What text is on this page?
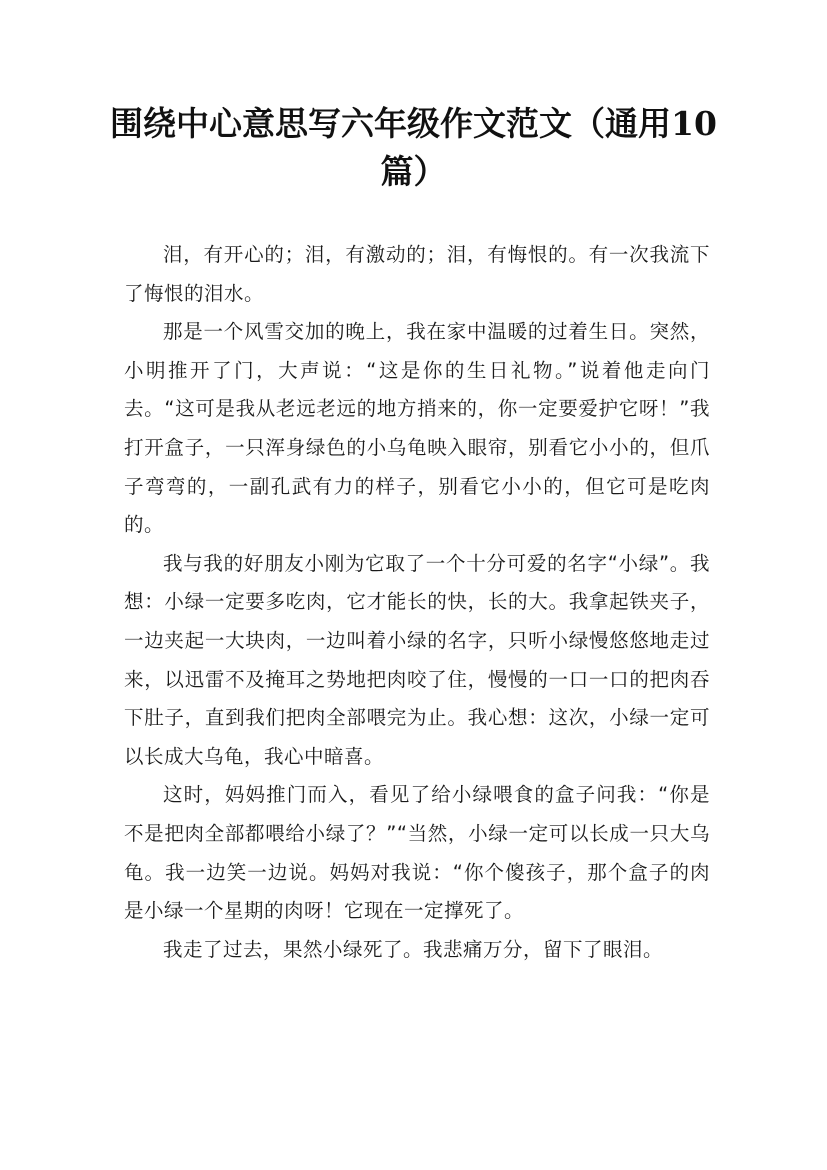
围绕中心意思写六年级作文范文（通用10篇）

泪，有开心的；泪，有激动的；泪，有悔恨的。有一次我流下了悔恨的泪水。

那是一个风雪交加的晚上，我在家中温暖的过着生日。突然，小明推开了门，大声说：“这是你的生日礼物。”说着他走向门去。“这可是我从老远老远的地方捎来的，你一定要爱护它呀！”我打开盒子，一只浑身绿色的小乌龟映入眼帘，别看它小小的，但爪子弯弯的，一副孔武有力的样子，别看它小小的，但它可是吃肉的。

我与我的好朋友小刚为它取了一个十分可爱的名字“小绿”。我想：小绿一定要多吃肉，它才能长的快，长的大。我拿起铁夹子，一边夹起一大块肉，一边叫着小绿的名字，只听小绿慢悠悠地走过来，以迅雷不及掩耳之势地把肉咬了住，慢慢的一口一口的把肉吞下肚子，直到我们把肉全部喂完为止。我心想：这次，小绿一定可以长成大乌龟，我心中暗喜。

这时，妈妈推门而入，看见了给小绿喂食的盒子问我：“你是不是把肉全部都喂给小绿了？”“当然，小绿一定可以长成一只大乌龟。我一边笑一边说。妈妈对我说：“你个傻孩子，那个盒子的肉是小绿一个星期的肉呀！它现在一定撑死了。

我走了过去，果然小绿死了。我悲痛万分，留下了眼泪。
